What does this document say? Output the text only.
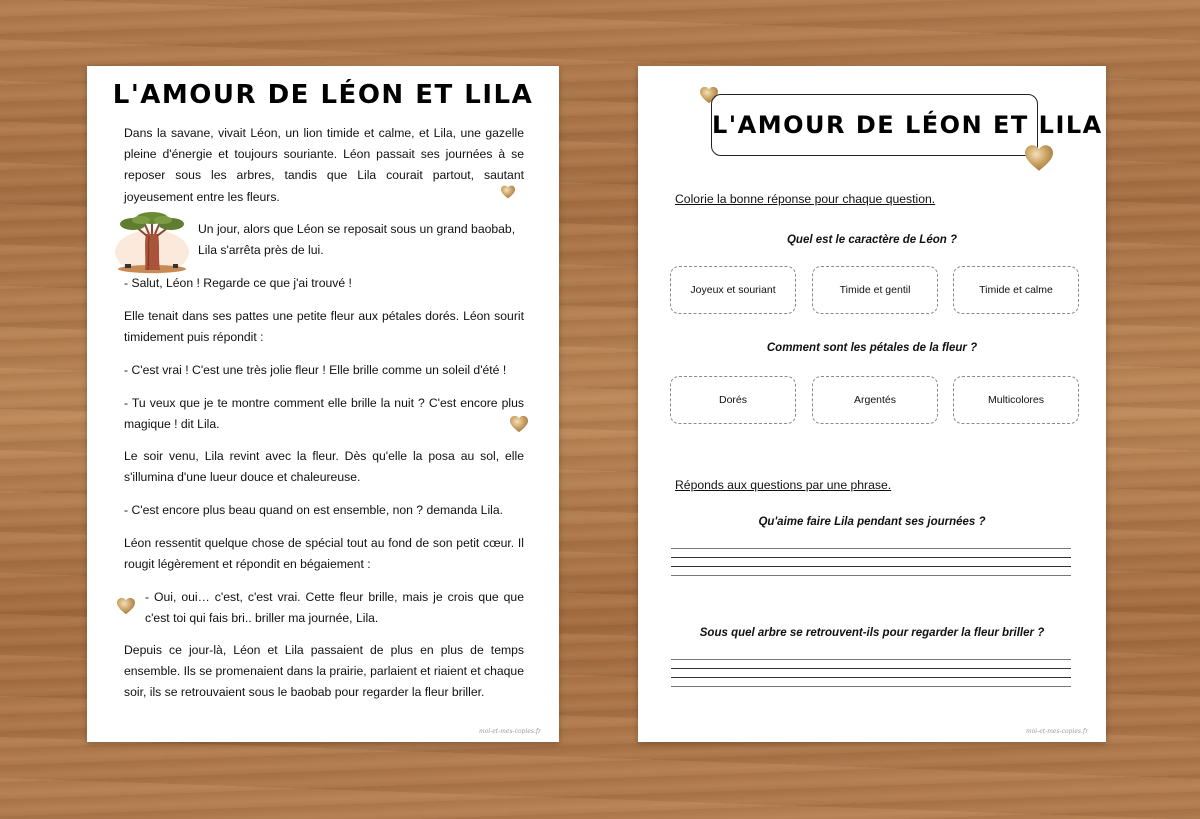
L'AMOUR DE LÉON ET LILA

Dans la savane, vivait Léon, un lion timide et calme, et Lila, une gazelle pleine d'énergie et toujours souriante. Léon passait ses journées à se reposer sous les arbres, tandis que Lila courait partout, sautant joyeusement entre les fleurs.

Un jour, alors que Léon se reposait sous un grand baobab, Lila s'arrêta près de lui.

- Salut, Léon ! Regarde ce que j'ai trouvé !

Elle tenait dans ses pattes une petite fleur aux pétales dorés. Léon sourit timidement puis répondit :

- C'est vrai ! C'est une très jolie fleur ! Elle brille comme un soleil d'été !

- Tu veux que je te montre comment elle brille la nuit ? C'est encore plus magique ! dit Lila.

Le soir venu, Lila revint avec la fleur. Dès qu'elle la posa au sol, elle s'illumina d'une lueur douce et chaleureuse.

- C'est encore plus beau quand on est ensemble, non ? demanda Lila.

Léon ressentit quelque chose de spécial tout au fond de son petit cœur. Il rougit légèrement et répondit en bégaiement :

- Oui, oui… c'est, c'est vrai. Cette fleur brille, mais je crois que que c'est toi qui fais bri.. briller ma journée, Lila.

Depuis ce jour-là, Léon et Lila passaient de plus en plus de temps ensemble. Ils se promenaient dans la prairie, parlaient et riaient et chaque soir, ils se retrouvaient sous le baobab pour regarder la fleur briller.

moi-et-mes-copies.fr
L'AMOUR DE LÉON ET LILA
Colorie la bonne réponse pour chaque question.
Quel est le caractère de Léon ?
Joyeux et souriant	Timide et gentil	Timide et calme
Comment sont les pétales de la fleur ?
Dorés	Argentés	Multicolores
Réponds aux questions par une phrase.
Qu'aime faire Lila pendant ses journées ?
Sous quel arbre se retrouvent-ils pour regarder la fleur briller ?
moi-et-mes-copies.fr
